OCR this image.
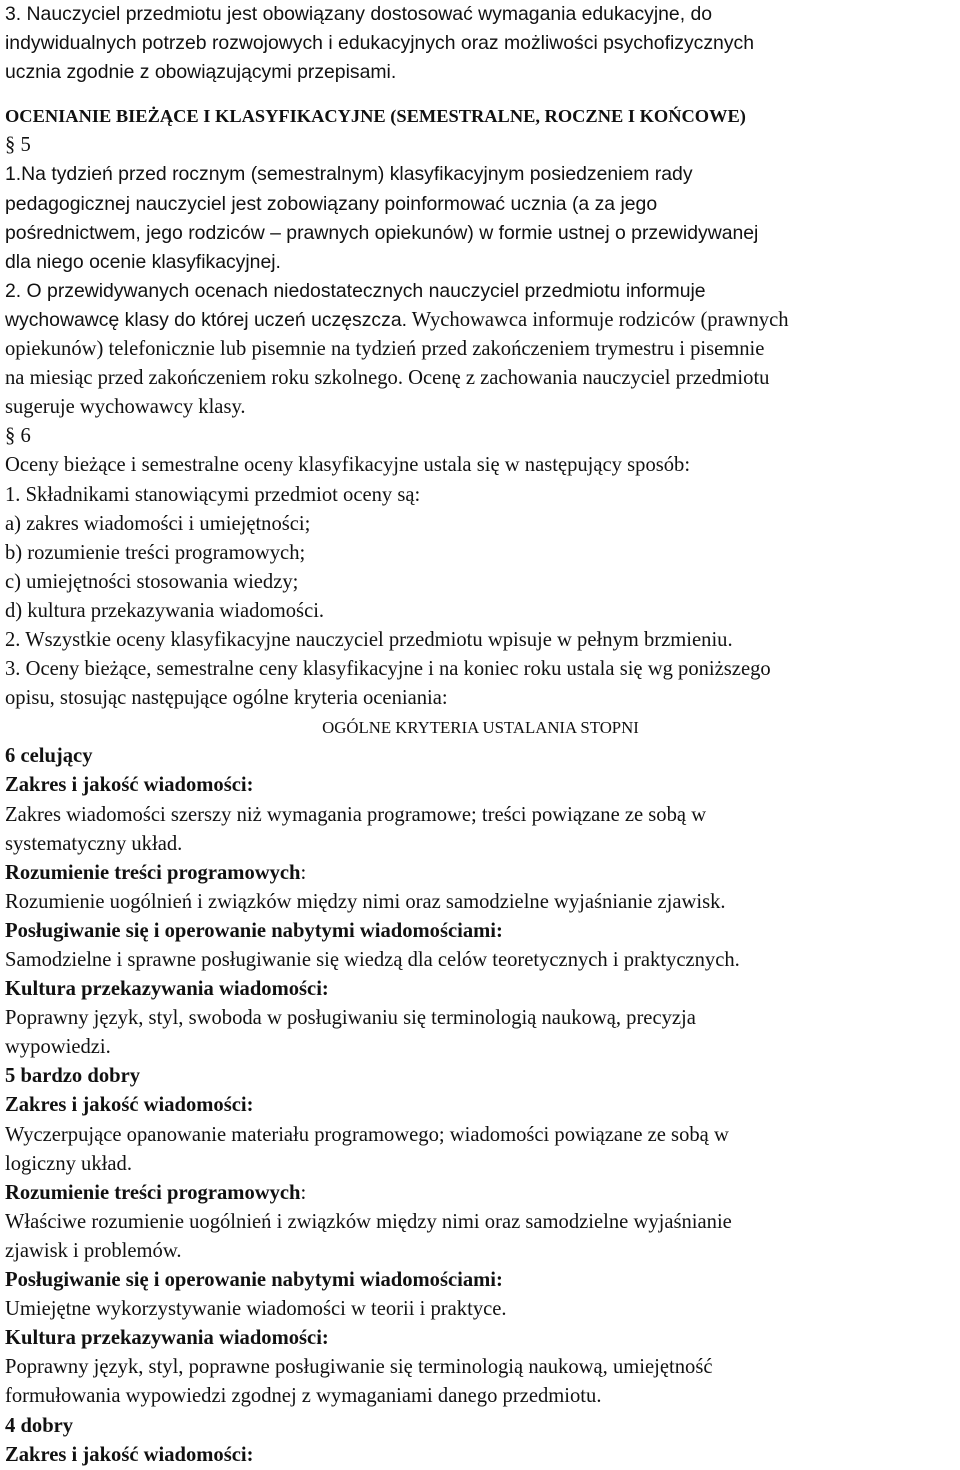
3. Nauczyciel przedmiotu jest obowiązany dostosować wymagania edukacyjne, do
indywidualnych potrzeb rozwojowych i edukacyjnych oraz możliwości psychofizycznych
ucznia zgodnie z obowiązującymi przepisami.

OCENIANIE BIEŻĄCE I KLASYFIKACYJNE (SEMESTRALNE, ROCZNE I KOŃCOWE)

§ 5

1.Na tydzień przed rocznym (semestralnym) klasyfikacyjnym posiedzeniem rady
pedagogicznej nauczyciel jest zobowiązany poinformować ucznia (a za jego
pośrednictwem, jego rodziców – prawnych opiekunów) w formie ustnej o przewidywanej
dla niego ocenie klasyfikacyjnej.

2. O przewidywanych ocenach niedostatecznych nauczyciel przedmiotu informuje
wychowawcę klasy do której uczeń uczęszcza. Wychowawca informuje rodziców (prawnych
opiekunów) telefonicznie lub pisemnie na tydzień przed zakończeniem trymestru i pisemnie
na miesiąc przed zakończeniem roku szkolnego. Ocenę z zachowania nauczyciel przedmiotu
sugeruje wychowawcy klasy.

§ 6

Oceny bieżące i semestralne oceny klasyfikacyjne ustala się w następujący sposób:

1. Składnikami stanowiącymi przedmiot oceny są:

a) zakres wiadomości i umiejętności;

b) rozumienie treści programowych;

c) umiejętności stosowania wiedzy;

d) kultura przekazywania wiadomości.

2. Wszystkie oceny klasyfikacyjne nauczyciel przedmiotu wpisuje w pełnym brzmieniu.

3. Oceny bieżące, semestralne ceny klasyfikacyjne i na koniec roku ustala się wg poniższego
opisu, stosując następujące ogólne kryteria oceniania:

OGÓLNE KRYTERIA USTALANIA STOPNI

6 celujący

Zakres i jakość wiadomości:

Zakres wiadomości szerszy niż wymagania programowe; treści powiązane ze sobą w
systematyczny układ.

Rozumienie treści programowych:

Rozumienie uogólnień i związków między nimi oraz samodzielne wyjaśnianie zjawisk.

Posługiwanie się i operowanie nabytymi wiadomościami:

Samodzielne i sprawne posługiwanie się wiedzą dla celów teoretycznych i praktycznych.

Kultura przekazywania wiadomości:

Poprawny język, styl, swoboda w posługiwaniu się terminologią naukową, precyzja
wypowiedzi.

5 bardzo dobry

Zakres i jakość wiadomości:

Wyczerpujące opanowanie materiału programowego; wiadomości powiązane ze sobą w
logiczny układ.

Rozumienie treści programowych:

Właściwe rozumienie uogólnień i związków między nimi oraz samodzielne wyjaśnianie
zjawisk i problemów.

Posługiwanie się i operowanie nabytymi wiadomościami:

Umiejętne wykorzystywanie wiadomości w teorii i praktyce.

Kultura przekazywania wiadomości:

Poprawny język, styl, poprawne posługiwanie się terminologią naukową, umiejętność
formułowania wypowiedzi zgodnej z wymaganiami danego przedmiotu.

4 dobry

Zakres i jakość wiadomości:
